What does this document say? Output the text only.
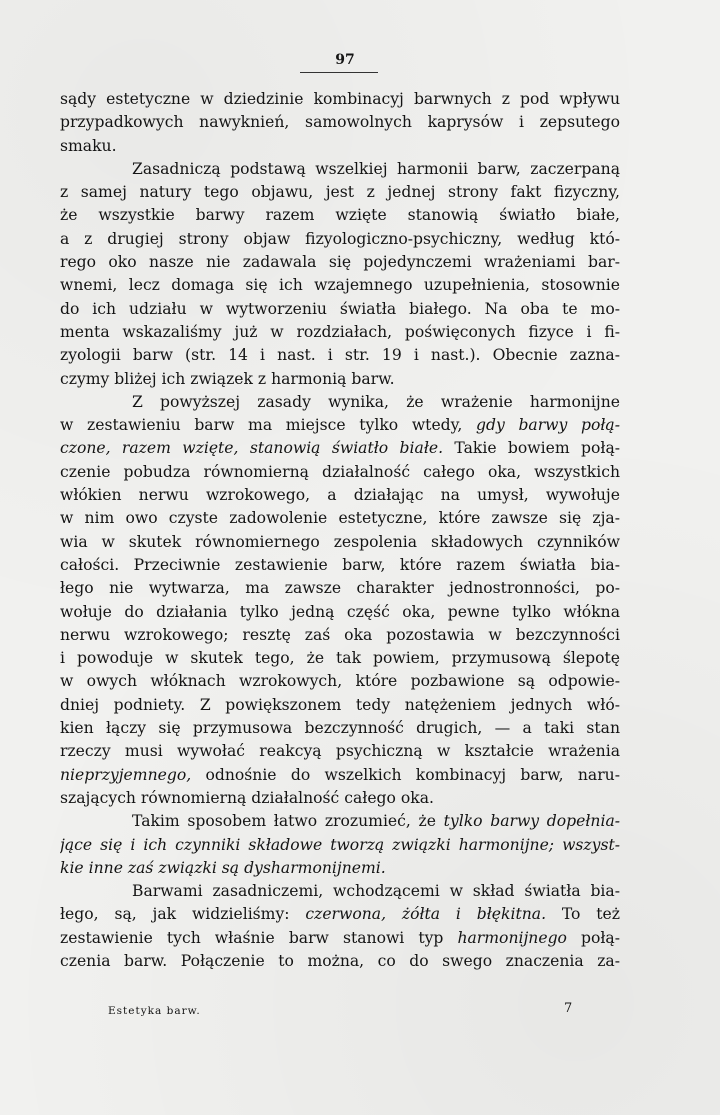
97
sądy estetyczne w dziedzinie kombinacyj barwnych z pod wpływu
przypadkowych nawyknień, samowolnych kaprysów i zepsutego
smaku.
Zasadniczą podstawą wszelkiej harmonii barw, zaczerpaną
z samej natury tego objawu, jest z jednej strony fakt fizyczny,
że wszystkie barwy razem wzięte stanowią światło białe,
a z drugiej strony objaw fizyologiczno-psychiczny, według któ-
rego oko nasze nie zadawala się pojedynczemi wrażeniami bar-
wnemi, lecz domaga się ich wzajemnego uzupełnienia, stosownie
do ich udziału w wytworzeniu światła białego. Na oba te mo-
menta wskazaliśmy już w rozdziałach, poświęconych fizyce i fi-
zyologii barw (str. 14 i nast. i str. 19 i nast.). Obecnie zazna-
czymy bliżej ich związek z harmonią barw.
Z powyższej zasady wynika, że wrażenie harmonijne
w zestawieniu barw ma miejsce tylko wtedy, gdy barwy połą-
czone, razem wzięte, stanowią światło białe. Takie bowiem połą-
czenie pobudza równomierną działalność całego oka, wszystkich
włókien nerwu wzrokowego, a działając na umysł, wywołuje
w nim owo czyste zadowolenie estetyczne, które zawsze się zja-
wia w skutek równomiernego zespolenia składowych czynników
całości. Przeciwnie zestawienie barw, które razem światła bia-
łego nie wytwarza, ma zawsze charakter jednostronności, po-
wołuje do działania tylko jedną część oka, pewne tylko włókna
nerwu wzrokowego; resztę zaś oka pozostawia w bezczynności
i powoduje w skutek tego, że tak powiem, przymusową ślepotę
w owych włóknach wzrokowych, które pozbawione są odpowie-
dniej podniety. Z powiększonem tedy natężeniem jednych włó-
kien łączy się przymusowa bezczynność drugich, — a taki stan
rzeczy musi wywołać reakcyą psychiczną w kształcie wrażenia
nieprzyjemnego, odnośnie do wszelkich kombinacyj barw, naru-
szających równomierną działalność całego oka.
Takim sposobem łatwo zrozumieć, że tylko barwy dopełnia-
jące się i ich czynniki składowe tworzą związki harmonijne; wszyst-
kie inne zaś związki są dysharmonijnemi.
Barwami zasadniczemi, wchodzącemi w skład światła bia-
łego, są, jak widzieliśmy: czerwona, żółta i błękitna. To też
zestawienie tych właśnie barw stanowi typ harmonijnego połą-
czenia barw. Połączenie to można, co do swego znaczenia za-
Estetyka barw.	7
